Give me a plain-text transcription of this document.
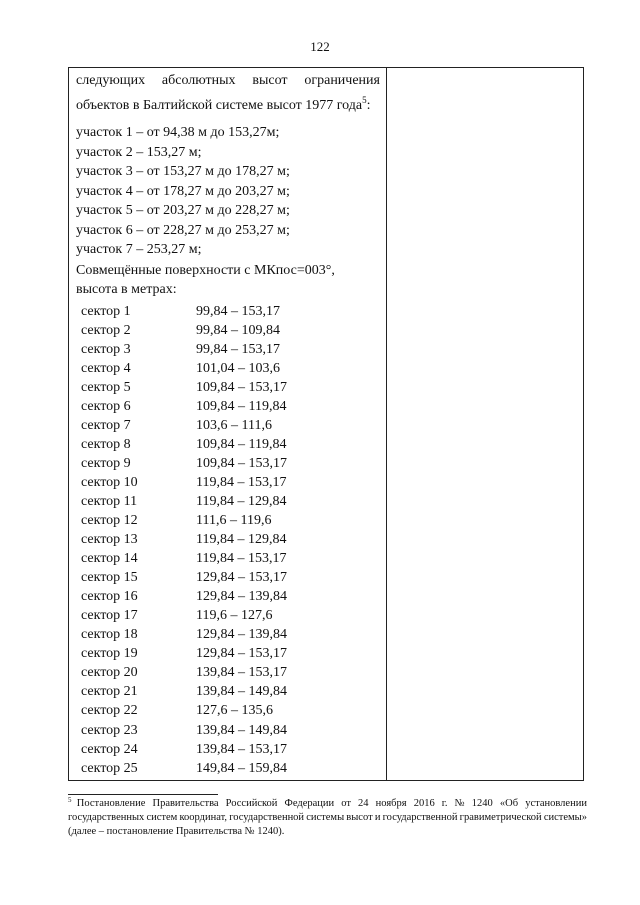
122
следующих абсолютных высот ограничения
объектов в Балтийской системе высот 1977 года$^5$:
участок 1 – от 94,38 м до 153,27м;
участок 2 – 153,27 м;
участок 3 – от 153,27 м до 178,27 м;
участок 4 – от 178,27 м до 203,27 м;
участок 5 – от 203,27 м до 228,27 м;
участок 6 – от 228,27 м до 253,27 м;
участок 7 – 253,27 м;
Совмещённые поверхности с МКпос=003°,
высота в метрах:
сектор 1	99,84 – 153,17
сектор 2	99,84 – 109,84
сектор 3	99,84 – 153,17
сектор 4	101,04 – 103,6
сектор 5	109,84 – 153,17
сектор 6	109,84 – 119,84
сектор 7	103,6 – 111,6
сектор 8	109,84 – 119,84
сектор 9	109,84 – 153,17
сектор 10	119,84 – 153,17
сектор 11	119,84 – 129,84
сектор 12	111,6 – 119,6
сектор 13	119,84 – 129,84
сектор 14	119,84 – 153,17
сектор 15	129,84 – 153,17
сектор 16	129,84 – 139,84
сектор 17	119,6 – 127,6
сектор 18	129,84 – 139,84
сектор 19	129,84 – 153,17
сектор 20	139,84 – 153,17
сектор 21	139,84 – 149,84
сектор 22	127,6 – 135,6
сектор 23	139,84 – 149,84
сектор 24	139,84 – 153,17
сектор 25	149,84 – 159,84
$^5$ Постановление Правительства Российской Федерации от 24 ноября 2016 г. № 1240 «Об установлении
государственных систем координат, государственной системы высот и государственной гравиметрической системы»
(далее – постановление Правительства № 1240).
